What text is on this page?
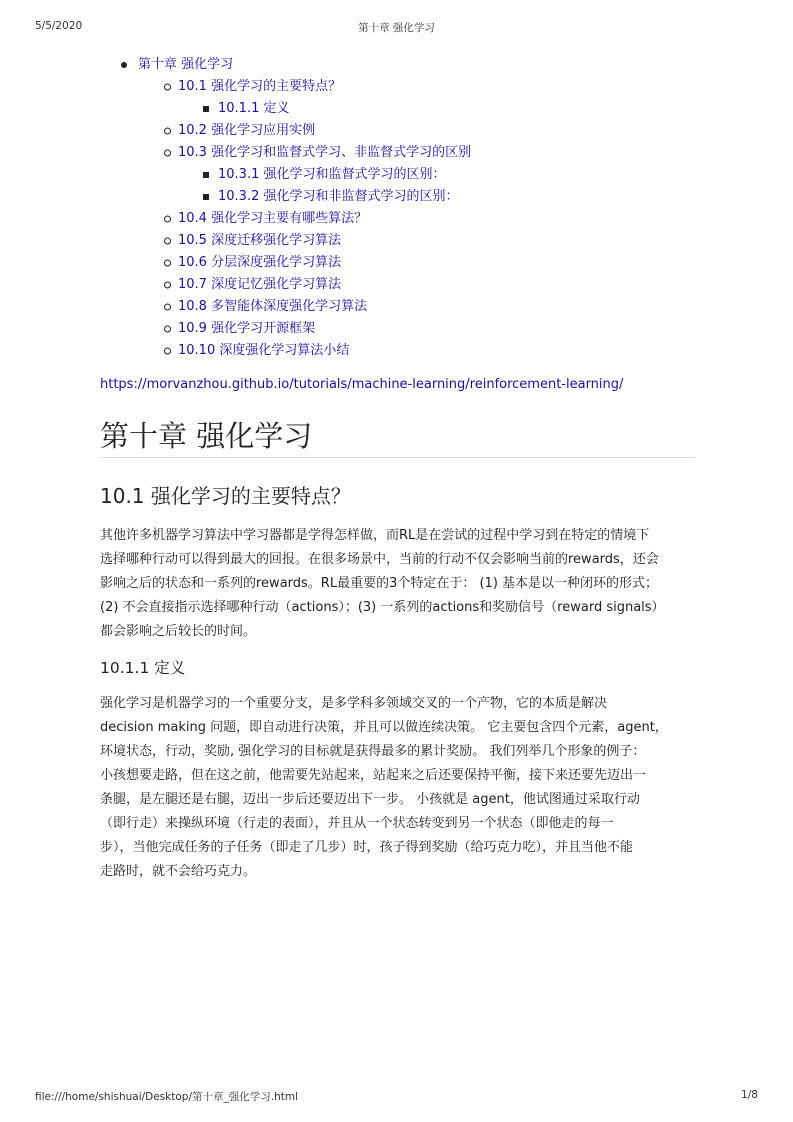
5/5/2020	第十章 强化学习
第十章 强化学习
10.1 强化学习的主要特点？
10.1.1 定义
10.2 强化学习应用实例
10.3 强化学习和监督式学习、非监督式学习的区别
10.3.1 强化学习和监督式学习的区别：
10.3.2 强化学习和非监督式学习的区别：
10.4 强化学习主要有哪些算法？
10.5 深度迁移强化学习算法
10.6 分层深度强化学习算法
10.7 深度记忆强化学习算法
10.8 多智能体深度强化学习算法
10.9 强化学习开源框架
10.10 深度强化学习算法小结
https://morvanzhou.github.io/tutorials/machine-learning/reinforcement-learning/
第十章 强化学习
10.1 强化学习的主要特点？
其他许多机器学习算法中学习器都是学得怎样做，而RL是在尝试的过程中学习到在特定的情境下
选择哪种行动可以得到最大的回报。在很多场景中，当前的行动不仅会影响当前的rewards，还会
影响之后的状态和一系列的rewards。RL最重要的3个特定在于： (1) 基本是以一种闭环的形式；
(2) 不会直接指示选择哪种行动（actions）；(3) 一系列的actions和奖励信号（reward signals）
都会影响之后较长的时间。
10.1.1 定义
强化学习是机器学习的一个重要分支，是多学科多领域交叉的一个产物，它的本质是解决
decision making 问题，即自动进行决策，并且可以做连续决策。 它主要包含四个元素，agent，
环境状态，行动，奖励, 强化学习的目标就是获得最多的累计奖励。 我们列举几个形象的例子：
小孩想要走路，但在这之前，他需要先站起来，站起来之后还要保持平衡，接下来还要先迈出一
条腿，是左腿还是右腿，迈出一步后还要迈出下一步。 小孩就是 agent，他试图通过采取行动
（即行走）来操纵环境（行走的表面），并且从一个状态转变到另一个状态（即他走的每一
步），当他完成任务的子任务（即走了几步）时，孩子得到奖励（给巧克力吃），并且当他不能
走路时，就不会给巧克力。
file:///home/shishuai/Desktop/第十章_强化学习.html	1/8
